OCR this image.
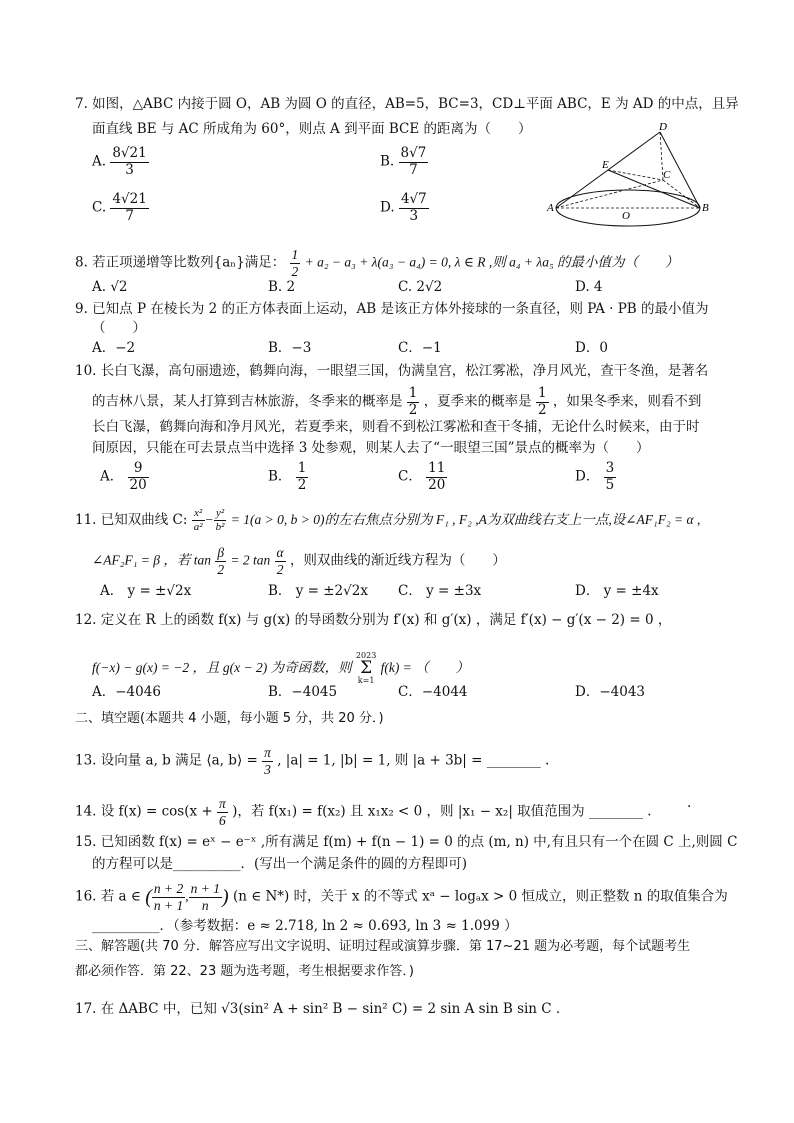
7. 如图，△ABC 内接于圆 O，AB 为圆 O 的直径，AB=5，BC=3，CD⊥平面 ABC，E 为 AD 的中点，且异
面直线 BE 与 AC 所成角为 60°，则点 A 到平面 BCE 的距离为（　　）
A. $\frac{8√21}{3}$	B. $\frac{8√7}{7}$
C. $\frac{4√21}{7}$	D. $\frac{4√7}{3}$
D
E
C
A
O
B
8. 若正项递增等比数列{aₙ}满足： $\frac{1}{2} + a_2 - a_3 + \lambda(a_3 - a_4) = 0$, λ ∈ R ,则 a₄ + λa₅ 的最小值为（　　）
A. √2	B. 2	C. 2√2	D. 4
9. 已知点 P 在棱长为 2 的正方体表面上运动，AB 是该正方体外接球的一条直径，则 PA · PB 的最小值为
（　　）
A．−2	B．−3	C．−1	D．0
10. 长白飞瀑，高句丽遗迹，鹤舞向海，一眼望三国，伪满皇宫，松江雾凇，净月风光，查干冬渔，是著名
的吉林八景，某人打算到吉林旅游，冬季来的概率是 $\frac{1}{2}$ ，夏季来的概率是 $\frac{1}{2}$ ，如果冬季来，则看不到
长白飞瀑，鹤舞向海和净月风光，若夏季来，则看不到松江雾凇和查干冬捕，无论什么时候来，由于时
间原因，只能在可去景点当中选择 3 处参观，则某人去了“一眼望三国”景点的概率为（　　）
A． $\frac{9}{20}$	B． $\frac{1}{2}$	C． $\frac{11}{20}$	D． $\frac{3}{5}$
11. 已知双曲线 C: $\frac{\text{x²}}{\text{a²}} - \frac{\text{y²}}{\text{b²}} = 1(a > 0$, b > 0)的左右焦点分别为 F₁ , F₂ ,A为双曲线右支上一点,设∠AF₁F₂ = α ,
∠AF₂F₁ = β ，若 $\tan \frac{\beta}{2} = 2$ $\tan \frac{\alpha}{2}$ ，则双曲线的渐近线方程为（　　）
A． y = ±√2x	B． y = ±2√2x C． y = ±3x	D． y = ±4x
12. 定义在 R 上的函数 f(x) 与 g(x) 的导函数分别为 f′(x) 和 g′(x) ，满足 f′(x) − g′(x − 2) = 0 ，
f(−x) − g(x) = −2 ，且 g(x − 2) 为奇函数，则
2023
Σ
k=1
f(k) = （　　）
A．−4046	B．−4045	C．−4044	D．−4043
二、填空题(本题共 4 小题，每小题 5 分，共 20 分．)
13. 设向量 a, b 满足 ⟨a, b⟩ = $\frac{\pi}{3}$ , |a| = 1, |b| = 1, 则 |a + 3b| = ________ .
14. 设 $f(x) = \cos(x + \frac{\pi}{6}$ )，若 f(x₁) = f(x₂) 且 x₁x₂ < 0 ，则 |x₁ − x₂| 取值范围为 ________ .
.
15. 已知函数 f(x) = eˣ − e⁻ˣ ,所有满足 f(m) + f(n − 1) = 0 的点 (m, n) 中,有且只有一个在圆 C 上,则圆 C
的方程可以是__________．(写出一个满足条件的圆的方程即可)
16. 若 a ∈ ( $\frac{n + 2}{n + 1}$ , $\frac{n + 1}{n}$ ) (n ∈ N*) 时，关于 x 的不等式 xᵃ − logₐx > 0 恒成立，则正整数 n 的取值集合为
__________．（参考数据：e ≈ 2.718, ln 2 ≈ 0.693, ln 3 ≈ 1.099 ）
三、解答题(共 70 分．解答应写出文字说明、证明过程或演算步骤．第 17~21 题为必考题，每个试题考生
都必须作答．第 22、23 题为选考题，考生根据要求作答．)
17. 在 ΔABC 中，已知 √3(sin² A + sin² B − sin² C) = 2 sin A sin B sin C ．
